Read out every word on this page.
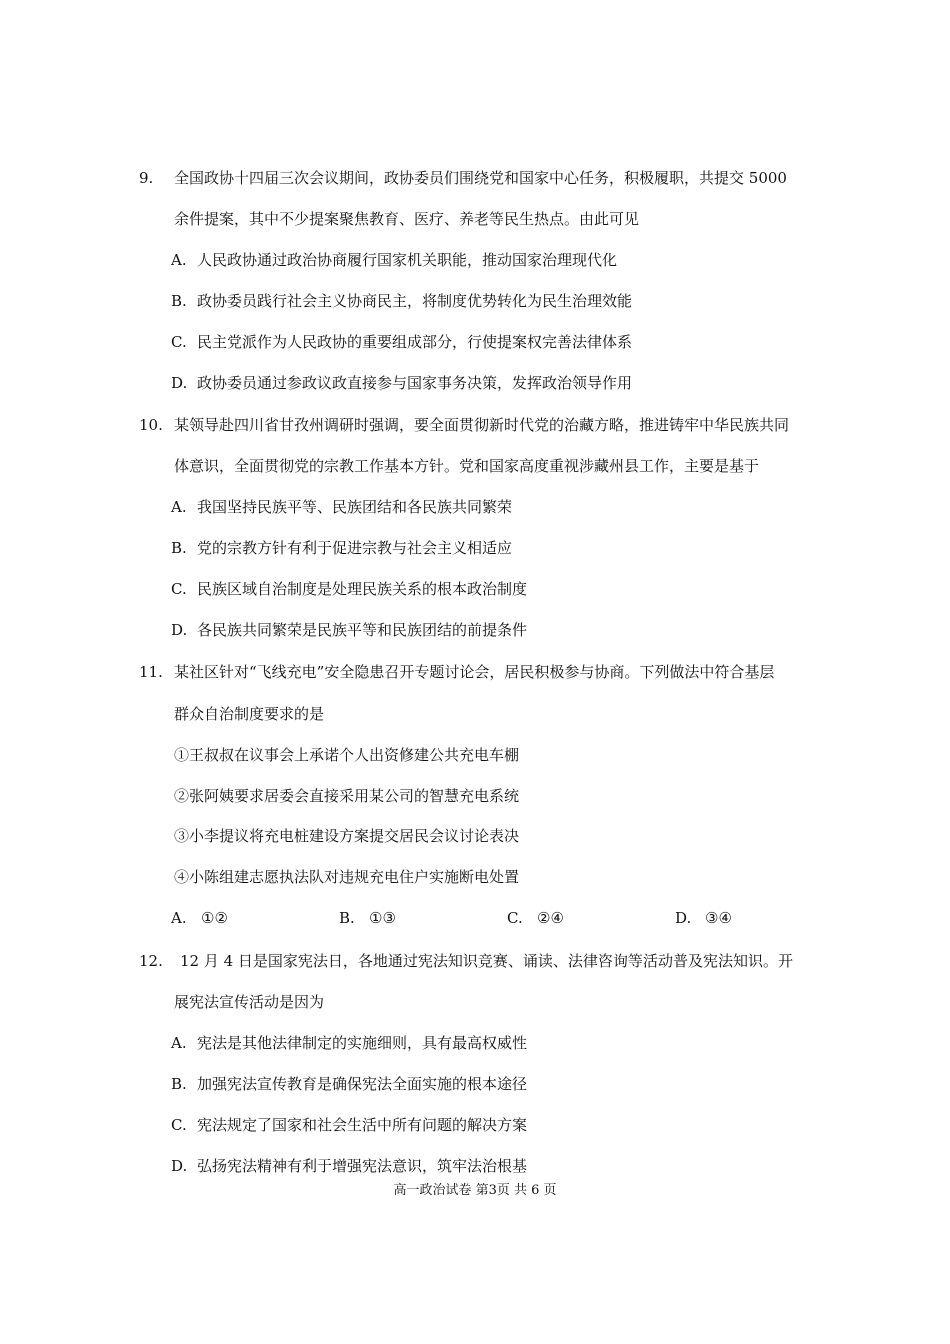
9. 全国政协十四届三次会议期间，政协委员们围绕党和国家中心任务，积极履职，共提交 5000
余件提案，其中不少提案聚焦教育、医疗、养老等民生热点。由此可见
A. 人民政协通过政治协商履行国家机关职能，推动国家治理现代化
B. 政协委员践行社会主义协商民主，将制度优势转化为民生治理效能
C. 民主党派作为人民政协的重要组成部分，行使提案权完善法律体系
D. 政协委员通过参政议政直接参与国家事务决策，发挥政治领导作用
10. 某领导赴四川省甘孜州调研时强调，要全面贯彻新时代党的治藏方略，推进铸牢中华民族共同
体意识，全面贯彻党的宗教工作基本方针。党和国家高度重视涉藏州县工作，主要是基于
A. 我国坚持民族平等、民族团结和各民族共同繁荣
B. 党的宗教方针有利于促进宗教与社会主义相适应
C. 民族区域自治制度是处理民族关系的根本政治制度
D. 各民族共同繁荣是民族平等和民族团结的前提条件
11. 某社区针对“飞线充电”安全隐患召开专题讨论会，居民积极参与协商。下列做法中符合基层
群众自治制度要求的是
①王叔叔在议事会上承诺个人出资修建公共充电车棚
②张阿姨要求居委会直接采用某公司的智慧充电系统
③小李提议将充电桩建设方案提交居民会议讨论表决
④小陈组建志愿执法队对违规充电住户实施断电处置
A. ①②	B. ①③	C. ②④	D. ③④
12. 12 月 4 日是国家宪法日，各地通过宪法知识竞赛、诵读、法律咨询等活动普及宪法知识。开
展宪法宣传活动是因为
A. 宪法是其他法律制定的实施细则，具有最高权威性
B. 加强宪法宣传教育是确保宪法全面实施的根本途径
C. 宪法规定了国家和社会生活中所有问题的解决方案
D. 弘扬宪法精神有利于增强宪法意识，筑牢法治根基
高一政治试卷 第3页 共 6 页
